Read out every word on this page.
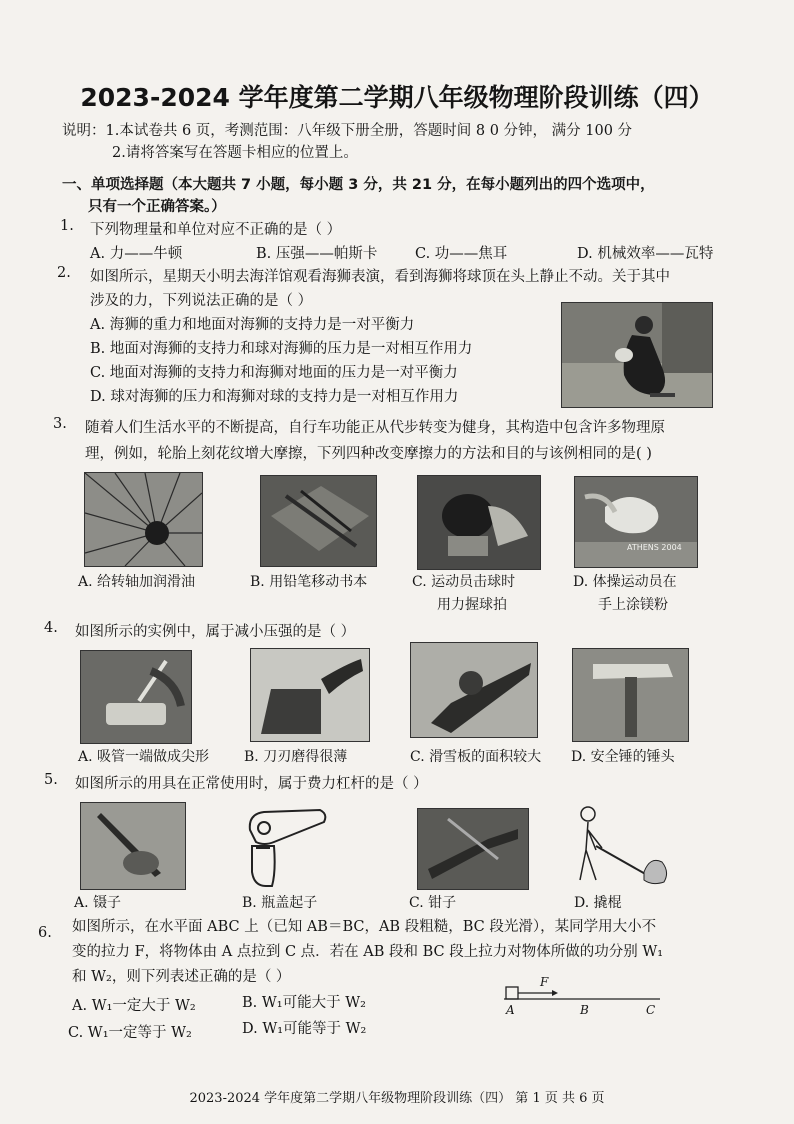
2023-2024 学年度第二学期八年级物理阶段训练（四）
说明：1.本试卷共 6 页，考测范围：八年级下册全册，答题时间 8 0 分钟， 满分 100 分
2.请将答案写在答题卡相应的位置上。
一、单项选择题（本大题共 7 小题，每小题 3 分，共 21 分，在每小题列出的四个选项中，
只有一个正确答案。）
1. 下列物理量和单位对应不正确的是（ ）
A. 力——牛顿	B. 压强——帕斯卡	C. 功——焦耳	D. 机械效率——瓦特
2. 如图所示，星期天小明去海洋馆观看海狮表演，看到海狮将球顶在头上静止不动。关于其中
涉及的力，下列说法正确的是（ ）
A. 海狮的重力和地面对海狮的支持力是一对平衡力
B. 地面对海狮的支持力和球对海狮的压力是一对相互作用力
C. 地面对海狮的支持力和海狮对地面的压力是一对平衡力
D. 球对海狮的压力和海狮对球的支持力是一对相互作用力
3. 随着人们生活水平的不断提高，自行车功能正从代步转变为健身，其构造中包含许多物理原
理，例如，轮胎上刻花纹增大摩擦，下列四种改变摩擦力的方法和目的与该例相同的是( )
ATHENS 2004
A. 给转轴加润滑油	B. 用铅笔移动书本	C. 运动员击球时
用力握球拍
D. 体操运动员在
手上涂镁粉
4. 如图所示的实例中，属于减小压强的是（ ）
A. 吸管一端做成尖形 B. 刀刃磨得很薄	C. 滑雪板的面积较大 D. 安全锤的锤头
5. 如图所示的用具在正常使用时，属于费力杠杆的是（ ）
A. 镊子	B. 瓶盖起子	C. 钳子	D. 撬棍
6. 如图所示，在水平面 ABC 上（已知 AB＝BC，AB 段粗糙，BC 段光滑），某同学用大小不
变的拉力 F，将物体由 A 点拉到 C 点．若在 AB 段和 BC 段上拉力对物体所做的功分别 W₁
和 W₂，则下列表述正确的是（ ）
A. W₁一定大于 W₂	B. W₁可能大于 W₂
C. W₁一定等于 W₂	D. W₁可能等于 W₂
F
A	B	C
2023-2024 学年度第二学期八年级物理阶段训练（四） 第 1 页 共 6 页
